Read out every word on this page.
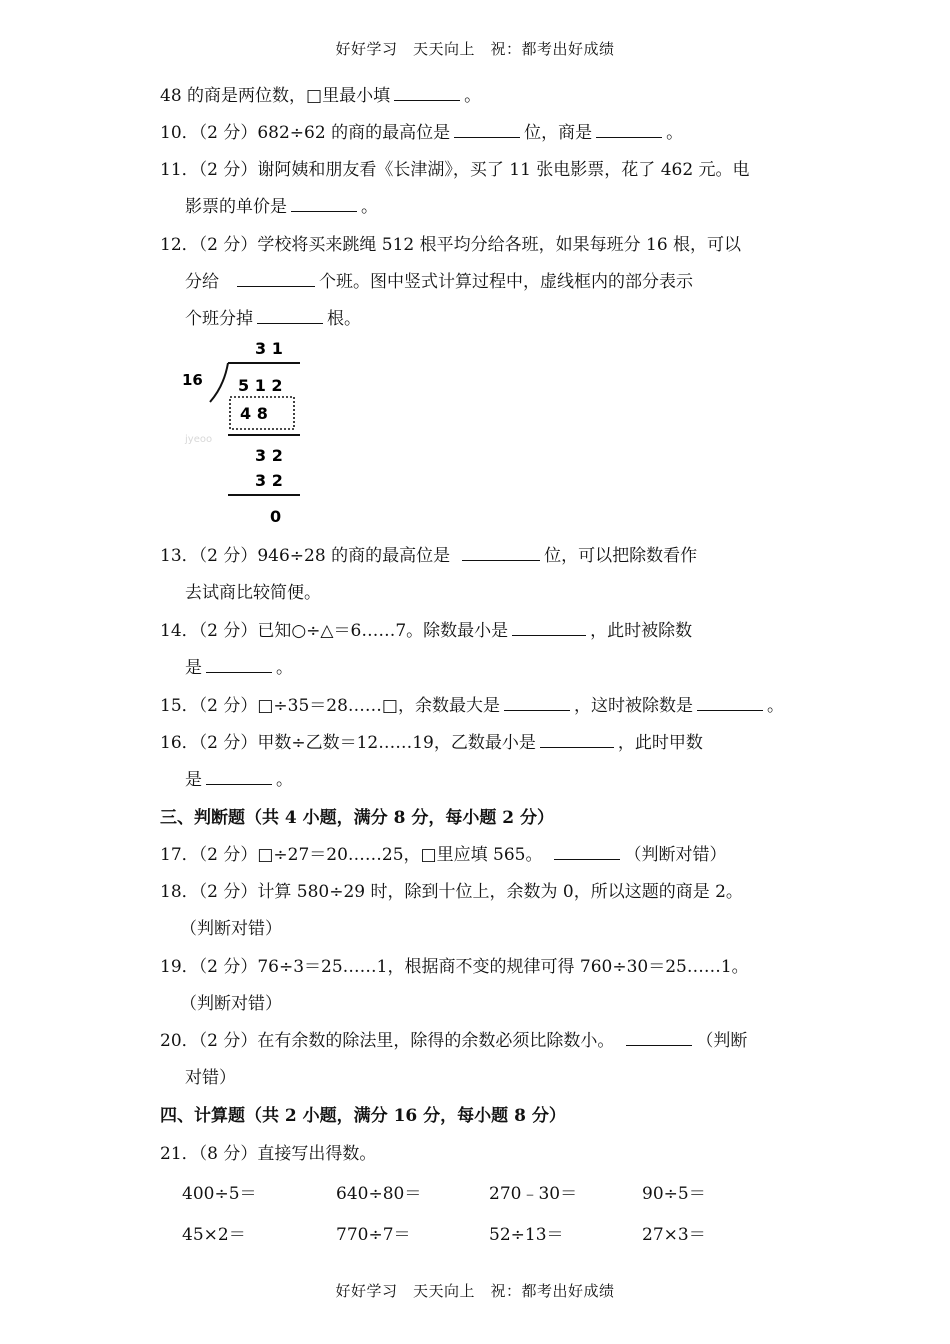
好好学习　天天向上　祝：都考出好成绩
48 的商是两位数，□里最小填	。
10．（2 分）682÷62 的商的最高位是	位，商是	。
11．（2 分）谢阿姨和朋友看《长津湖》，买了 11 张电影票，花了 462 元。电
影票的单价是	。
12．（2 分）学校将买来跳绳 512 根平均分给各班，如果每班分 16 根，可以
分给	个班。图中竖式计算过程中，虚线框内的部分表示
个班分掉	根。
3 1
16 5 1 2
4 8
jyeoo
3 2
3 2
0
13．（2 分）946÷28 的商的最高位是	位，可以把除数看作
去试商比较简便。
14．（2 分）已知○÷△＝6……7。除数最小是	，此时被除数
是	。
15．（2 分）□÷35＝28……□，余数最大是	，这时被除数是	。
16．（2 分）甲数÷乙数＝12……19，乙数最小是	，此时甲数
是	。
三、判断题（共 4 小题，满分 8 分，每小题 2 分）
17．（2 分）□÷27＝20……25，□里应填 565。	（判断对错）
18．（2 分）计算 580÷29 时，除到十位上，余数为 0，所以这题的商是 2。
（判断对错）
19．（2 分）76÷3＝25……1，根据商不变的规律可得 760÷30＝25……1。
（判断对错）
20．（2 分）在有余数的除法里，除得的余数必须比除数小。	（判断
对错）
四、计算题（共 2 小题，满分 16 分，每小题 8 分）
21．（8 分）直接写出得数。
400÷5＝	640÷80＝	270﹣30＝	90÷5＝
45×2＝	770÷7＝	52÷13＝	27×3＝
好好学习　天天向上　祝：都考出好成绩
